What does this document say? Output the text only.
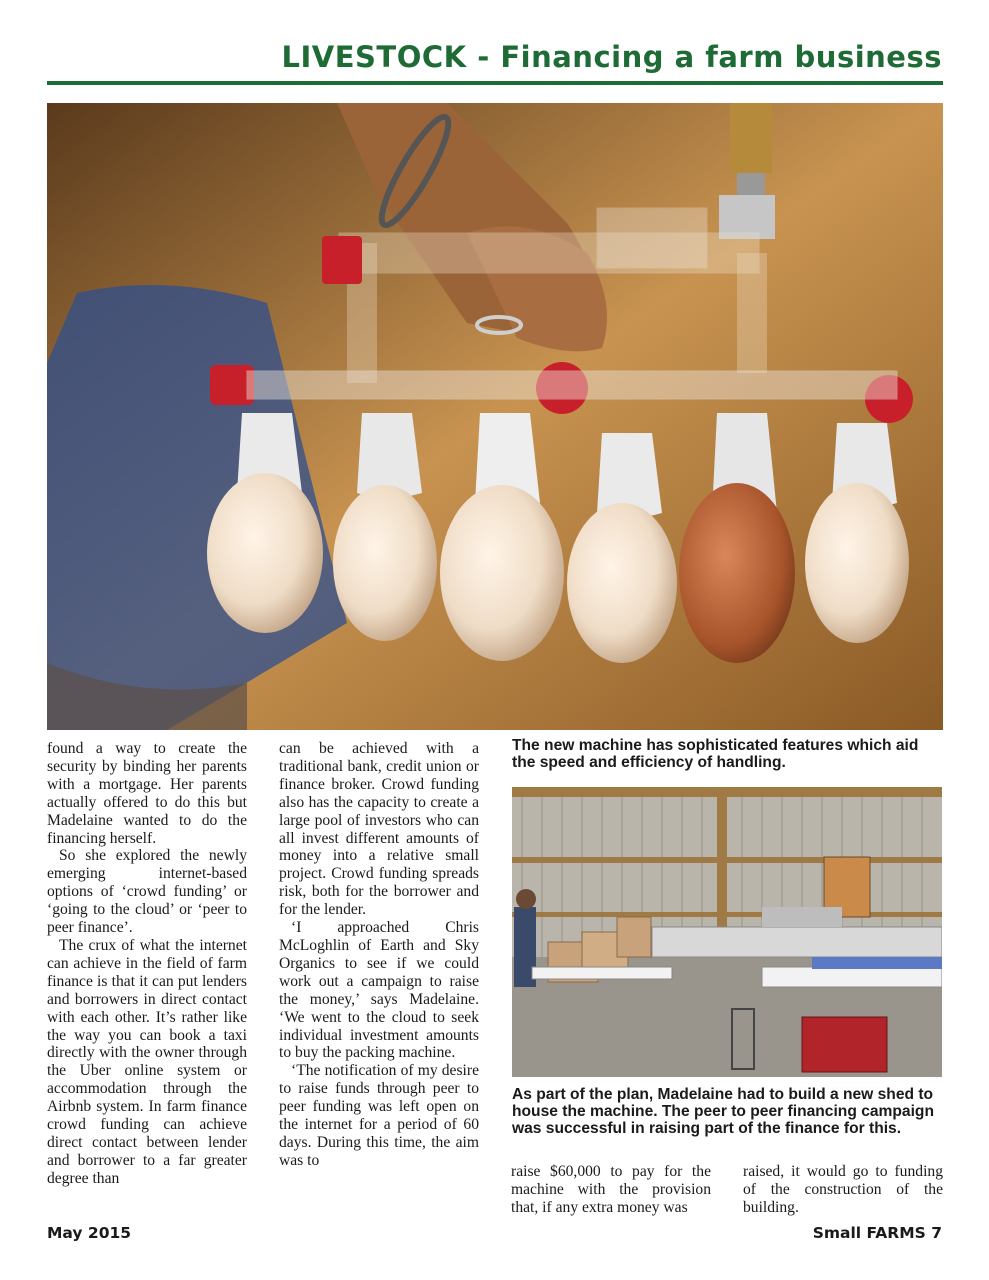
LIVESTOCK - Financing a farm business

found a way to create the security by binding her parents with a mortgage. Her parents actually offered to do this but Madelaine wanted to do the financing herself.

So she explored the newly emerging internet-based options of ‘crowd funding’ or ‘going to the cloud’ or ‘peer to peer finance’.

The crux of what the internet can achieve in the field of farm finance is that it can put lenders and borrowers in direct contact with each other. It’s rather like the way you can book a taxi directly with the owner through the Uber online system or accommodation through the Airbnb system. In farm finance crowd funding can achieve direct contact between lender and borrower to a far greater degree than

can be achieved with a traditional bank, credit union or finance broker. Crowd funding also has the capacity to create a large pool of investors who can all invest different amounts of money into a relative small project. Crowd funding spreads risk, both for the borrower and for the lender.

‘I approached Chris McLoghlin of Earth and Sky Organics to see if we could work out a campaign to raise the money,’ says Madelaine. ‘We went to the cloud to seek individual investment amounts to buy the packing machine.

‘The notification of my desire to raise funds through peer to peer funding was left open on the internet for a period of 60 days. During this time, the aim was to

The new machine has sophisticated features which aid the speed and efficiency of handling.
As part of the plan, Madelaine had to build a new shed to house the machine. The peer to peer financing campaign was successful in raising part of the finance for this.

raise $60,000 to pay for the machine with the provision that, if any extra money was

raised, it would go to funding of the construction of the building.

May 2015	Small FARMS 7
